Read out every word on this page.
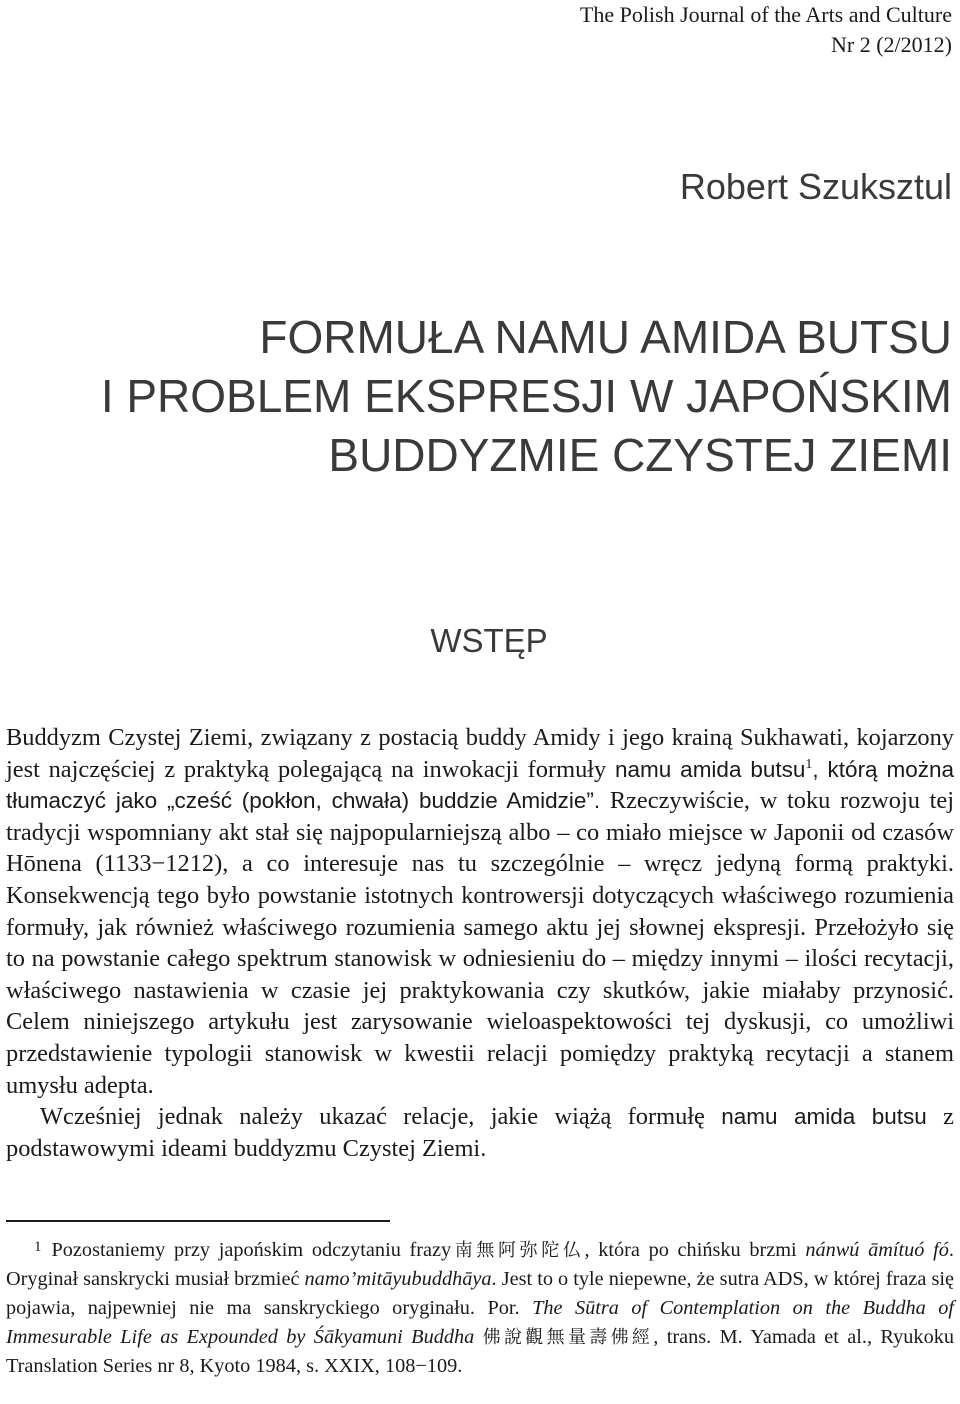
The Polish Journal of the Arts and Culture
Nr 2 (2/2012)
Robert Szuksztul
FORMUŁA NAMU AMIDA BUTSU
I PROBLEM EKSPRESJI W JAPOŃSKIM
BUDDYZMIE CZYSTEJ ZIEMI
WSTĘP

Buddyzm Czystej Ziemi, związany z postacią buddy Amidy i jego krainą Sukhawati, kojarzony jest najczęściej z praktyką polegającą na inwokacji formuły namu amida butsu$^1$, którą można tłumaczyć jako „cześć (pokłon, chwała) buddzie Amidzie”. Rzeczywiście, w toku rozwoju tej tradycji wspomniany akt stał się najpopularniejszą albo – co miało miejsce w Japonii od czasów Hōnena (1133−1212), a co interesuje nas tu szczególnie – wręcz jedyną formą praktyki. Konsekwencją tego było powstanie istotnych kontrowersji dotyczących właściwego rozumienia formuły, jak również właściwego rozumienia samego aktu jej słownej ekspresji. Przełożyło się to na powstanie całego spektrum stanowisk w odniesieniu do – między innymi – ilości recytacji, właściwego nastawienia w czasie jej praktykowania czy skutków, jakie miałaby przynosić. Celem niniejszego artykułu jest zarysowanie wieloaspektowości tej dyskusji, co umożliwi przedstawienie typologii stanowisk w kwestii relacji pomiędzy praktyką recytacji a stanem umysłu adepta.

Wcześniej jednak należy ukazać relacje, jakie wiążą formułę namu amida butsu z podstawowymi ideami buddyzmu Czystej Ziemi.

1 Pozostaniemy przy japońskim odczytaniu frazy南無阿弥陀仏, która po chińsku brzmi nánwú āmítuó fó. Oryginał sanskrycki musiał brzmieć namo’mitāyubuddhāya. Jest to o tyle niepewne, że sutra ADS, w której fraza się pojawia, najpewniej nie ma sanskryckiego oryginału. Por. The Sūtra of Contemplation on the Buddha of Immesurable Life as Expounded by Śākyamuni Buddha 佛說觀無量壽佛經, trans. M. Yamada et al., Ryukoku Translation Series nr 8, Kyoto 1984, s. XXIX, 108−109.
